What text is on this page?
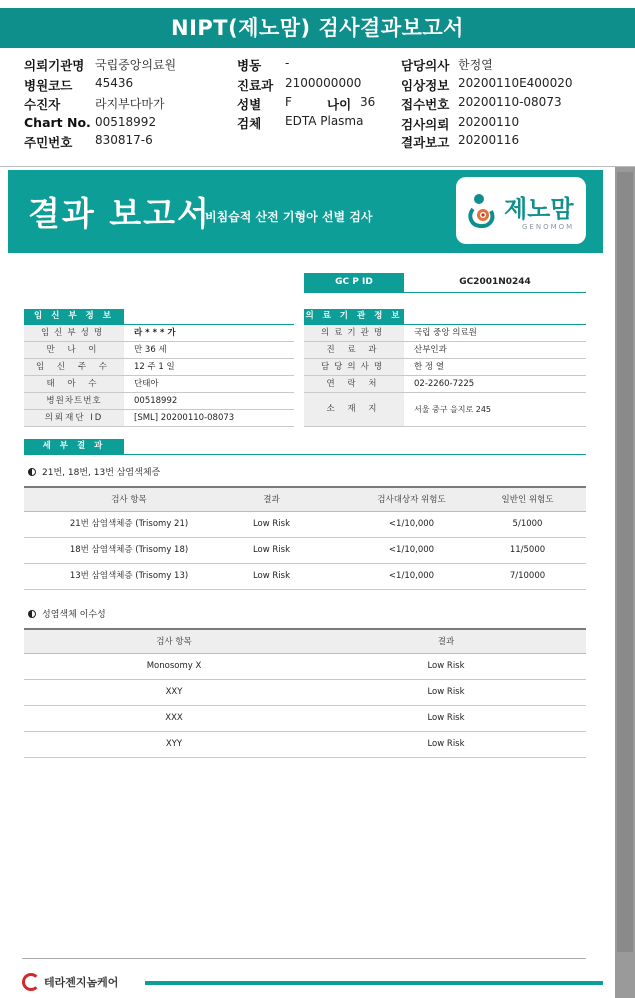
NIPT(제노맘) 검사결과보고서
의뢰기관명 국립중앙의료원
병원코드 45436
수진자	라지부다마가
Chart No. 00518992
주민번호 830817-6
병동 -
진료과 2100000000
성별 F	나이 36
검체 EDTA Plasma
담당의사 한정열
임상정보 20200110E400020
접수번호 20200110-08073
검사의뢰 20200110
결과보고 20200116
결과 보고서
비침습적 산전 기형아 선별 검사	제노맘
GENOMOM
GC P ID	GC2001N0244
임 신 부 정 보
임신부성명	라 * * * 가
만 나 이	만 36 세
임 신 주 수	12 주 1 일
태 아 수	단태아
병원차트번호	00518992
의뢰재단 ID	[SML] 20200110-08073
의 료 기 관 정 보
의료기관명	국립 중앙 의료원
진 료 과	산부인과
담당의사명	한 정 열
연 락 처	02-2260-7225
소 재 지	서울 중구 을지로 245
세 부 결 과
21번, 18번, 13번 삼염색체증
검사 항목	결과	검사대상자 위험도	일반인 위험도
21번 삼염색체증 (Trisomy 21)	Low Risk	<1/10,000	5/1000
18번 삼염색체증 (Trisomy 18)	Low Risk	<1/10,000	11/5000
13번 삼염색체증 (Trisomy 13)	Low Risk	<1/10,000	7/10000
성염색체 이수성
검사 항목	결과
Monosomy X	Low Risk
XXY	Low Risk
XXX	Low Risk
XYY	Low Risk
테라젠지놈케어
